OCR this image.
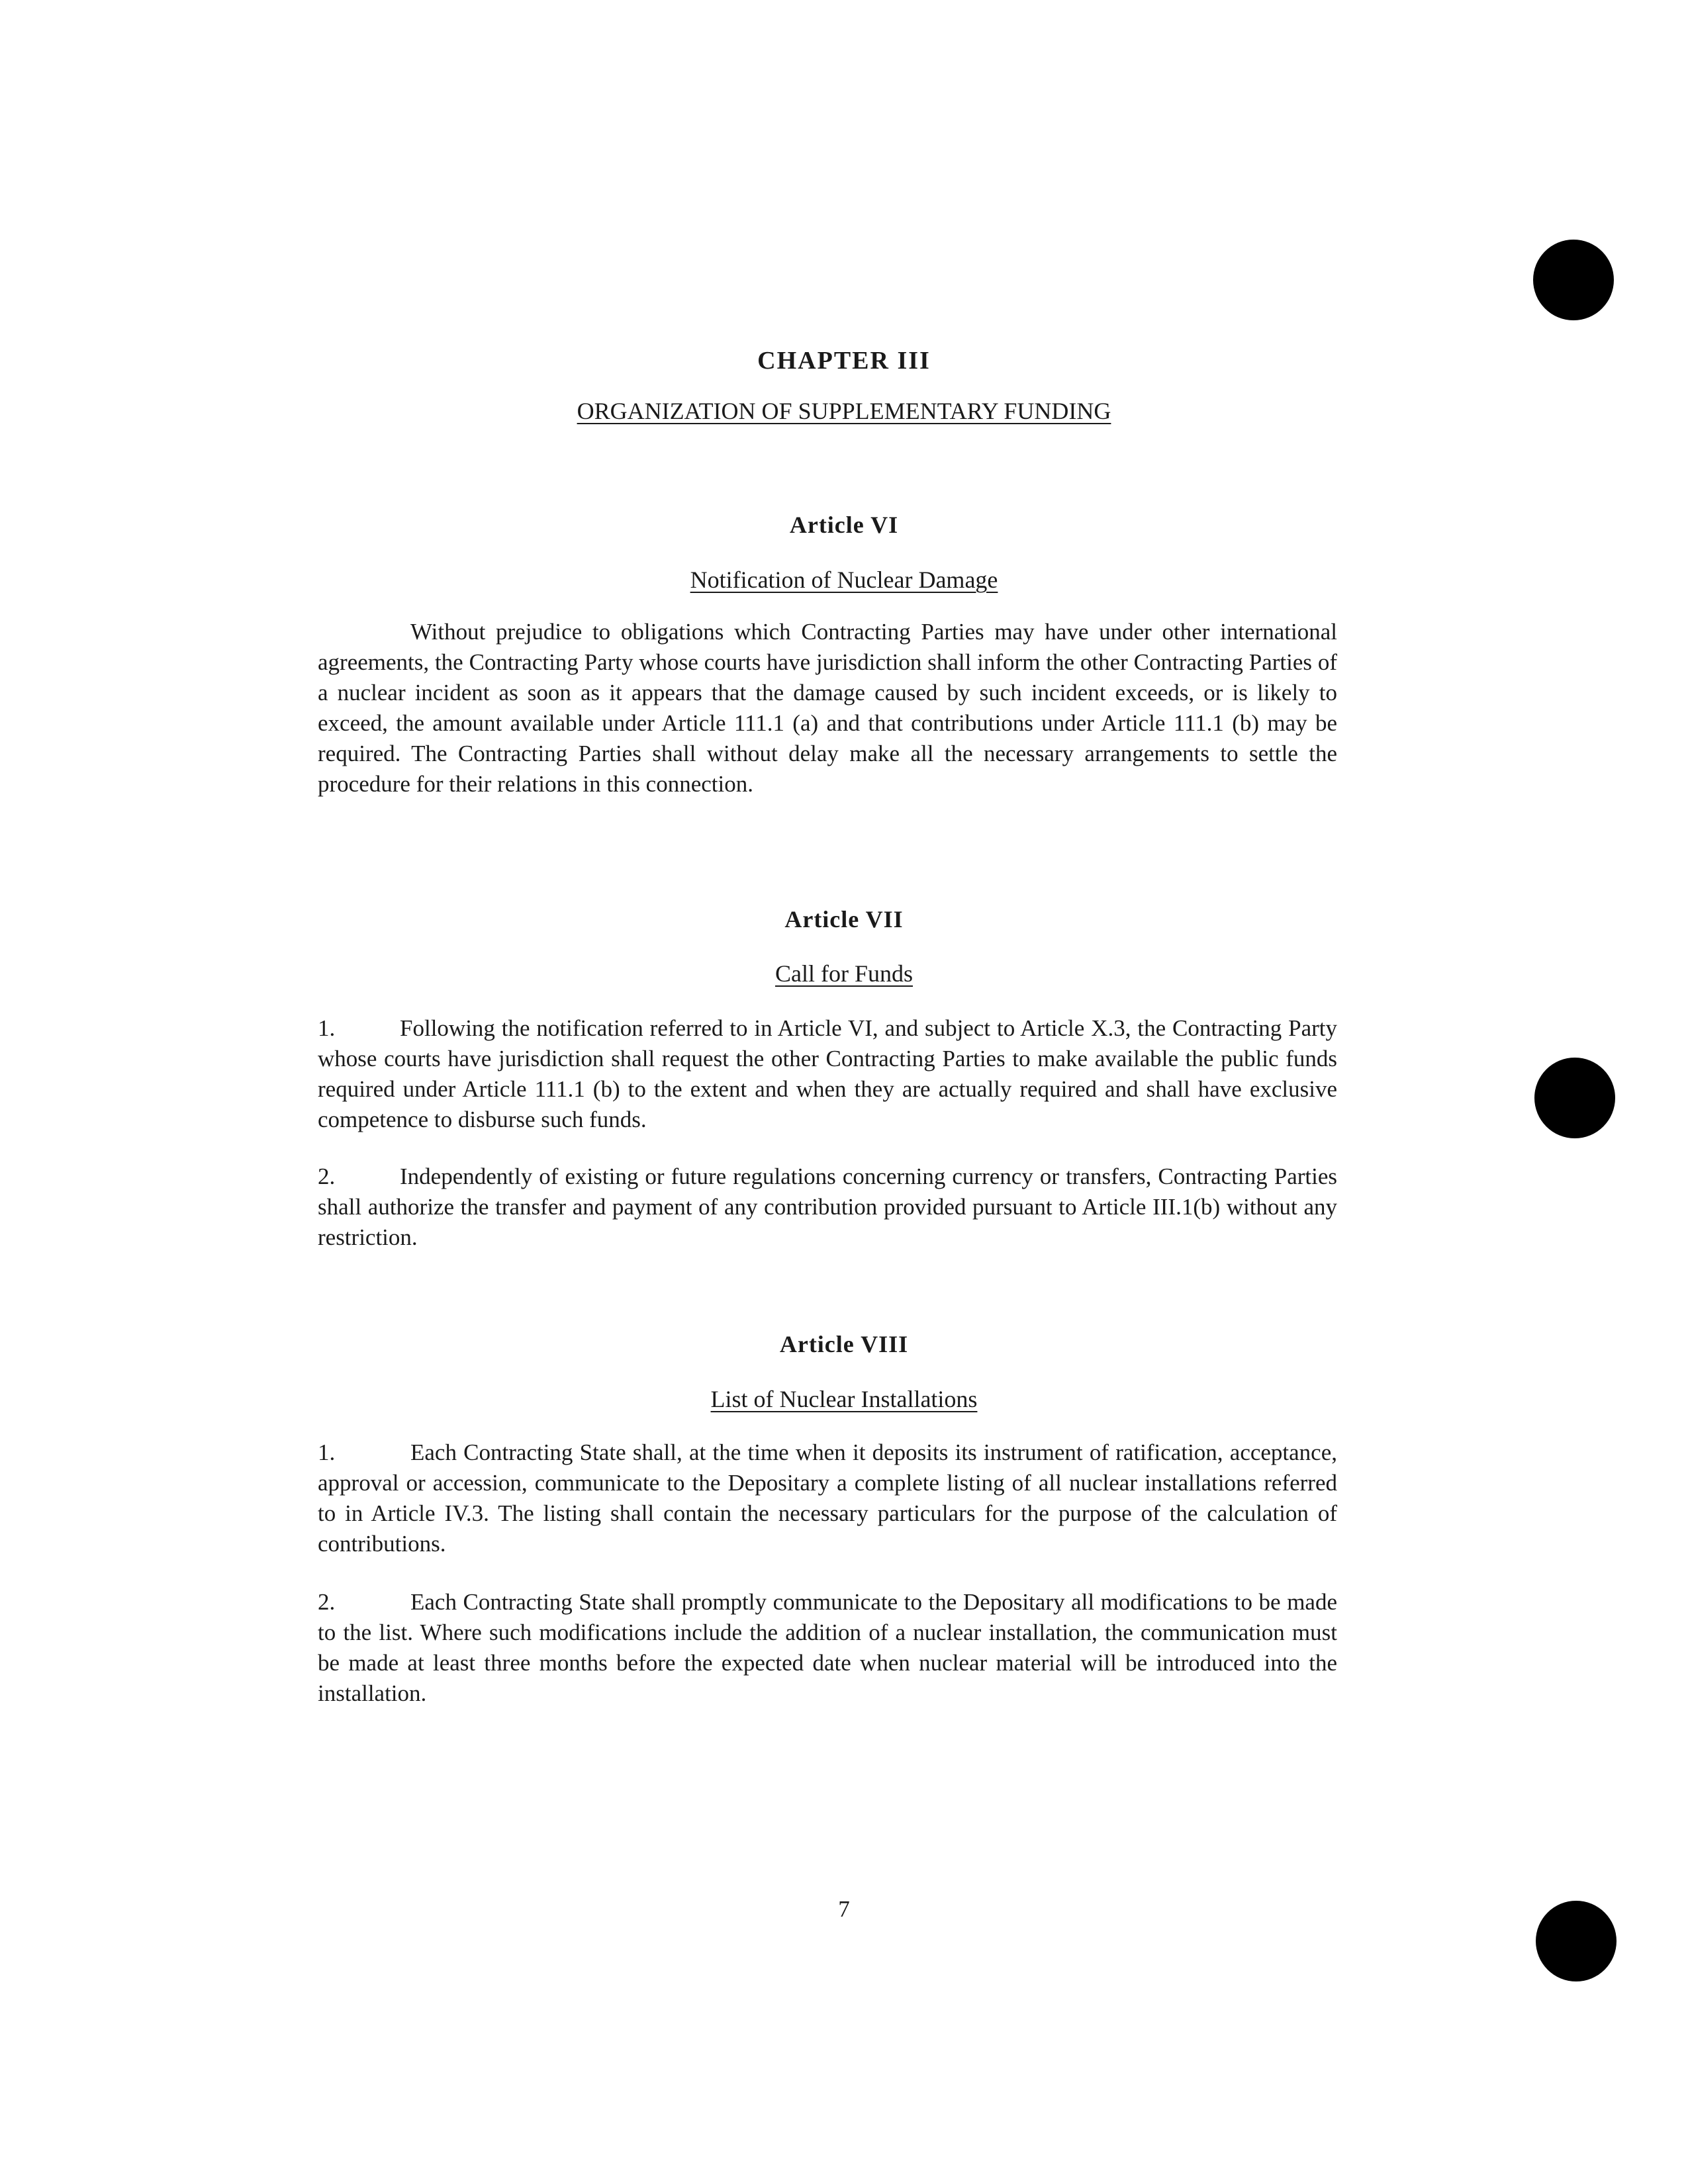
CHAPTER III
ORGANIZATION OF SUPPLEMENTARY FUNDING
Article VI
Notification of Nuclear Damage

Without prejudice to obligations which Contracting Parties may have under other international agreements, the Contracting Party whose courts have jurisdiction shall inform the other Contracting Parties of a nuclear incident as soon as it appears that the damage caused by such incident exceeds, or is likely to exceed, the amount available under Article 111.1 (a) and that contributions under Article 111.1 (b) may be required. The Contracting Parties shall without delay make all the necessary arrangements to settle the procedure for their relations in this connection.

Article VII
Call for Funds

1.	Following the notification referred to in Article VI, and subject to Article X.3, the Contracting Party whose courts have jurisdiction shall request the other Contracting Parties to make available the public funds required under Article 111.1 (b) to the extent and when they are actually required and shall have exclusive competence to disburse such funds.

2.	Independently of existing or future regulations concerning currency or transfers, Contracting Parties shall authorize the transfer and payment of any contribution provided pursuant to Article III.1(b) without any restriction.

Article VIII
List of Nuclear Installations

1.	Each Contracting State shall, at the time when it deposits its instrument of ratification, acceptance, approval or accession, communicate to the Depositary a complete listing of all nuclear installations referred to in Article IV.3. The listing shall contain the necessary particulars for the purpose of the calculation of contributions.

2.	Each Contracting State shall promptly communicate to the Depositary all modifications to be made to the list. Where such modifications include the addition of a nuclear installation, the communication must be made at least three months before the expected date when nuclear material will be introduced into the installation.

7
